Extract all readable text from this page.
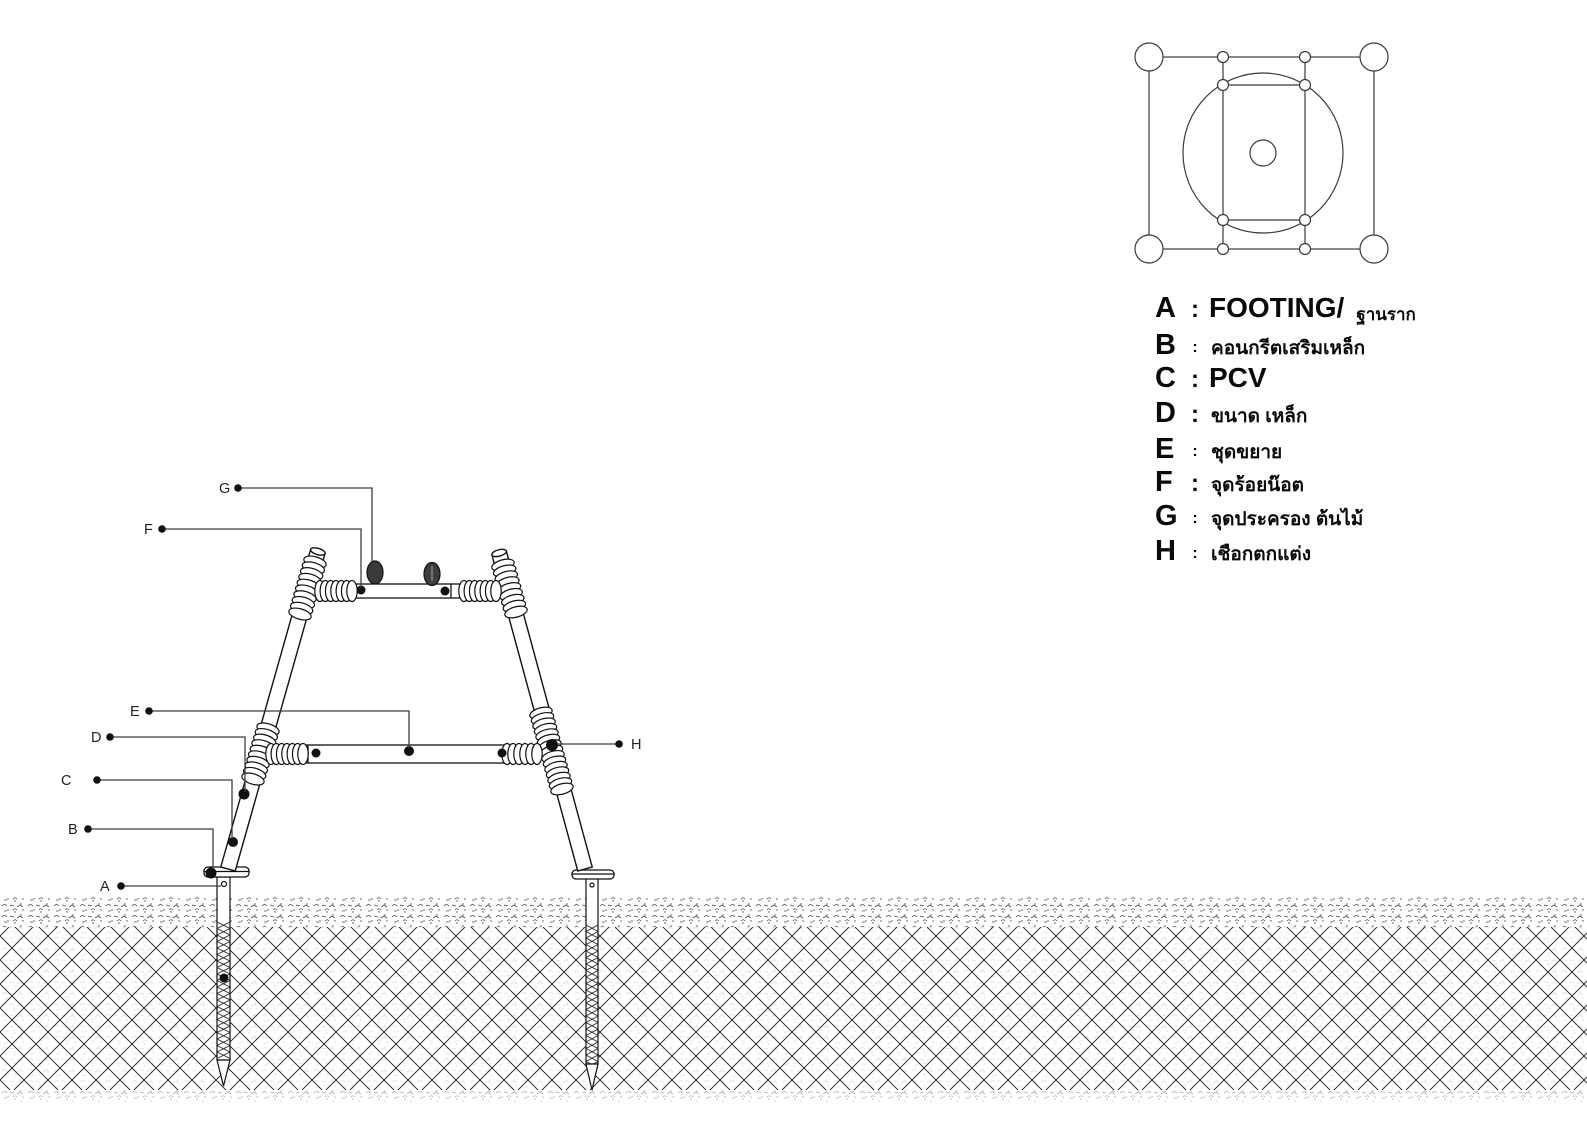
G
F
E
D
C
B
A
H
A : FOOTING/ ฐานราก
B	: คอนกรีตเสริมเหล็ก
C : PCV
D : ขนาด เหล็ก
E	: ชุดขยาย
F : จุดร้อยน๊อต
G : จุดประครอง ต้นไม้
H	: เชือกตกแต่ง
